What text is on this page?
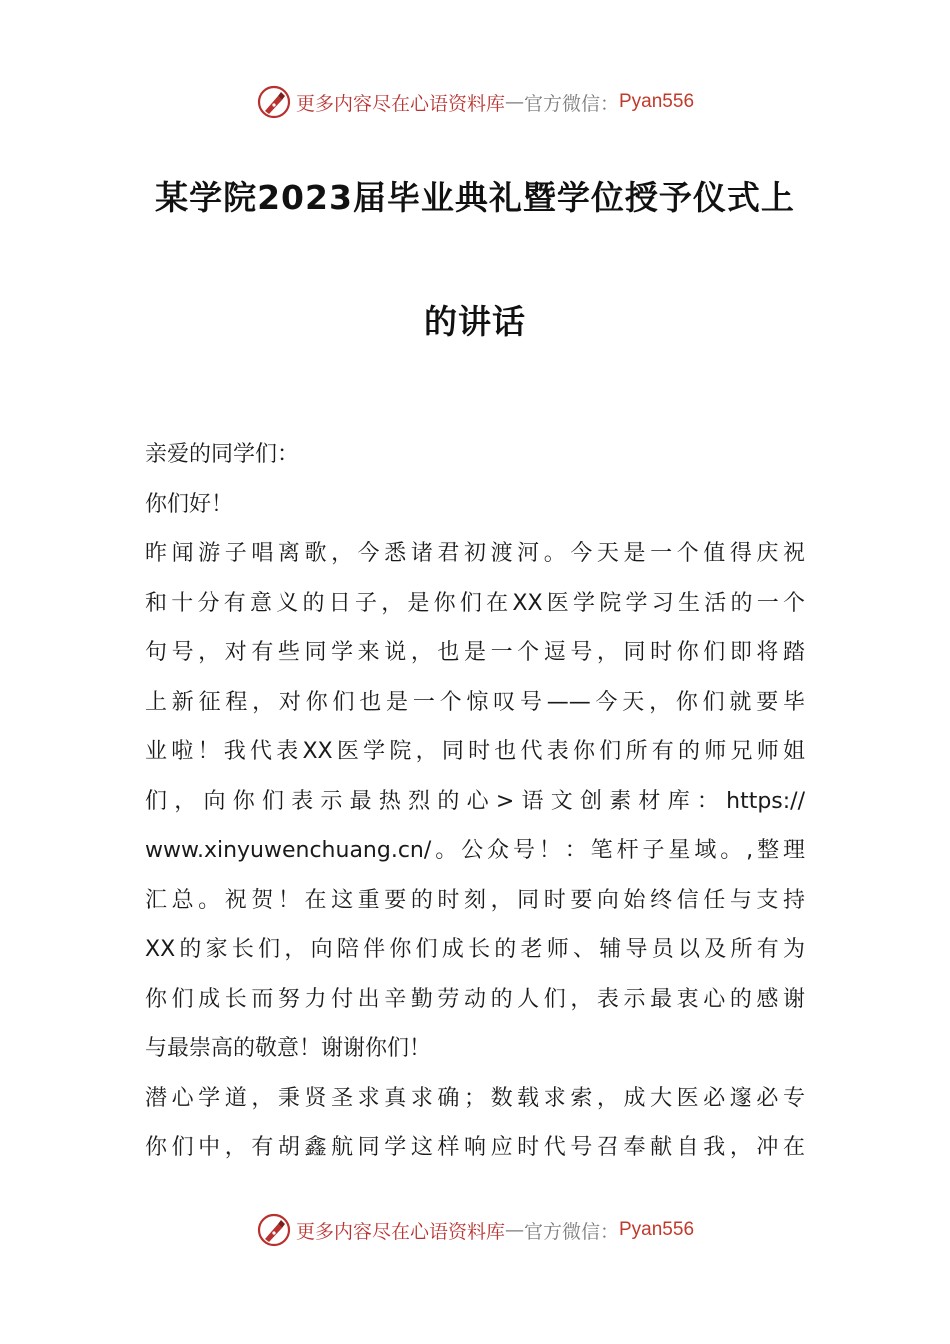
更多内容尽在心语资料库 — 官方微信： Pyan556
某学院2023届毕业典礼暨学位授予仪式上
的讲话
亲爱的同学们：
你们好！
昨闻游子唱离歌，今悉诸君初渡河。今天是一个值得庆祝
和十分有意义的日子，是你们在XX医学院学习生活的一个
句号，对有些同学来说，也是一个逗号，同时你们即将踏
上新征程，对你们也是一个惊叹号——今天，你们就要毕
业啦！我代表XX医学院，同时也代表你们所有的师兄师姐
们，向你们表示最热烈的心>语文创素材库：https://
www.xinyuwenchuang.cn/。公众号！：笔杆子星域。,整理
汇总。祝贺！在这重要的时刻，同时要向始终信任与支持
XX的家长们，向陪伴你们成长的老师、辅导员以及所有为
你们成长而努力付出辛勤劳动的人们，表示最衷心的感谢
与最崇高的敬意！谢谢你们！
潜心学道，秉贤圣求真求确；数载求索，成大医必邃必专
你们中，有胡鑫航同学这样响应时代号召奉献自我，冲在
更多内容尽在心语资料库 — 官方微信： Pyan556
